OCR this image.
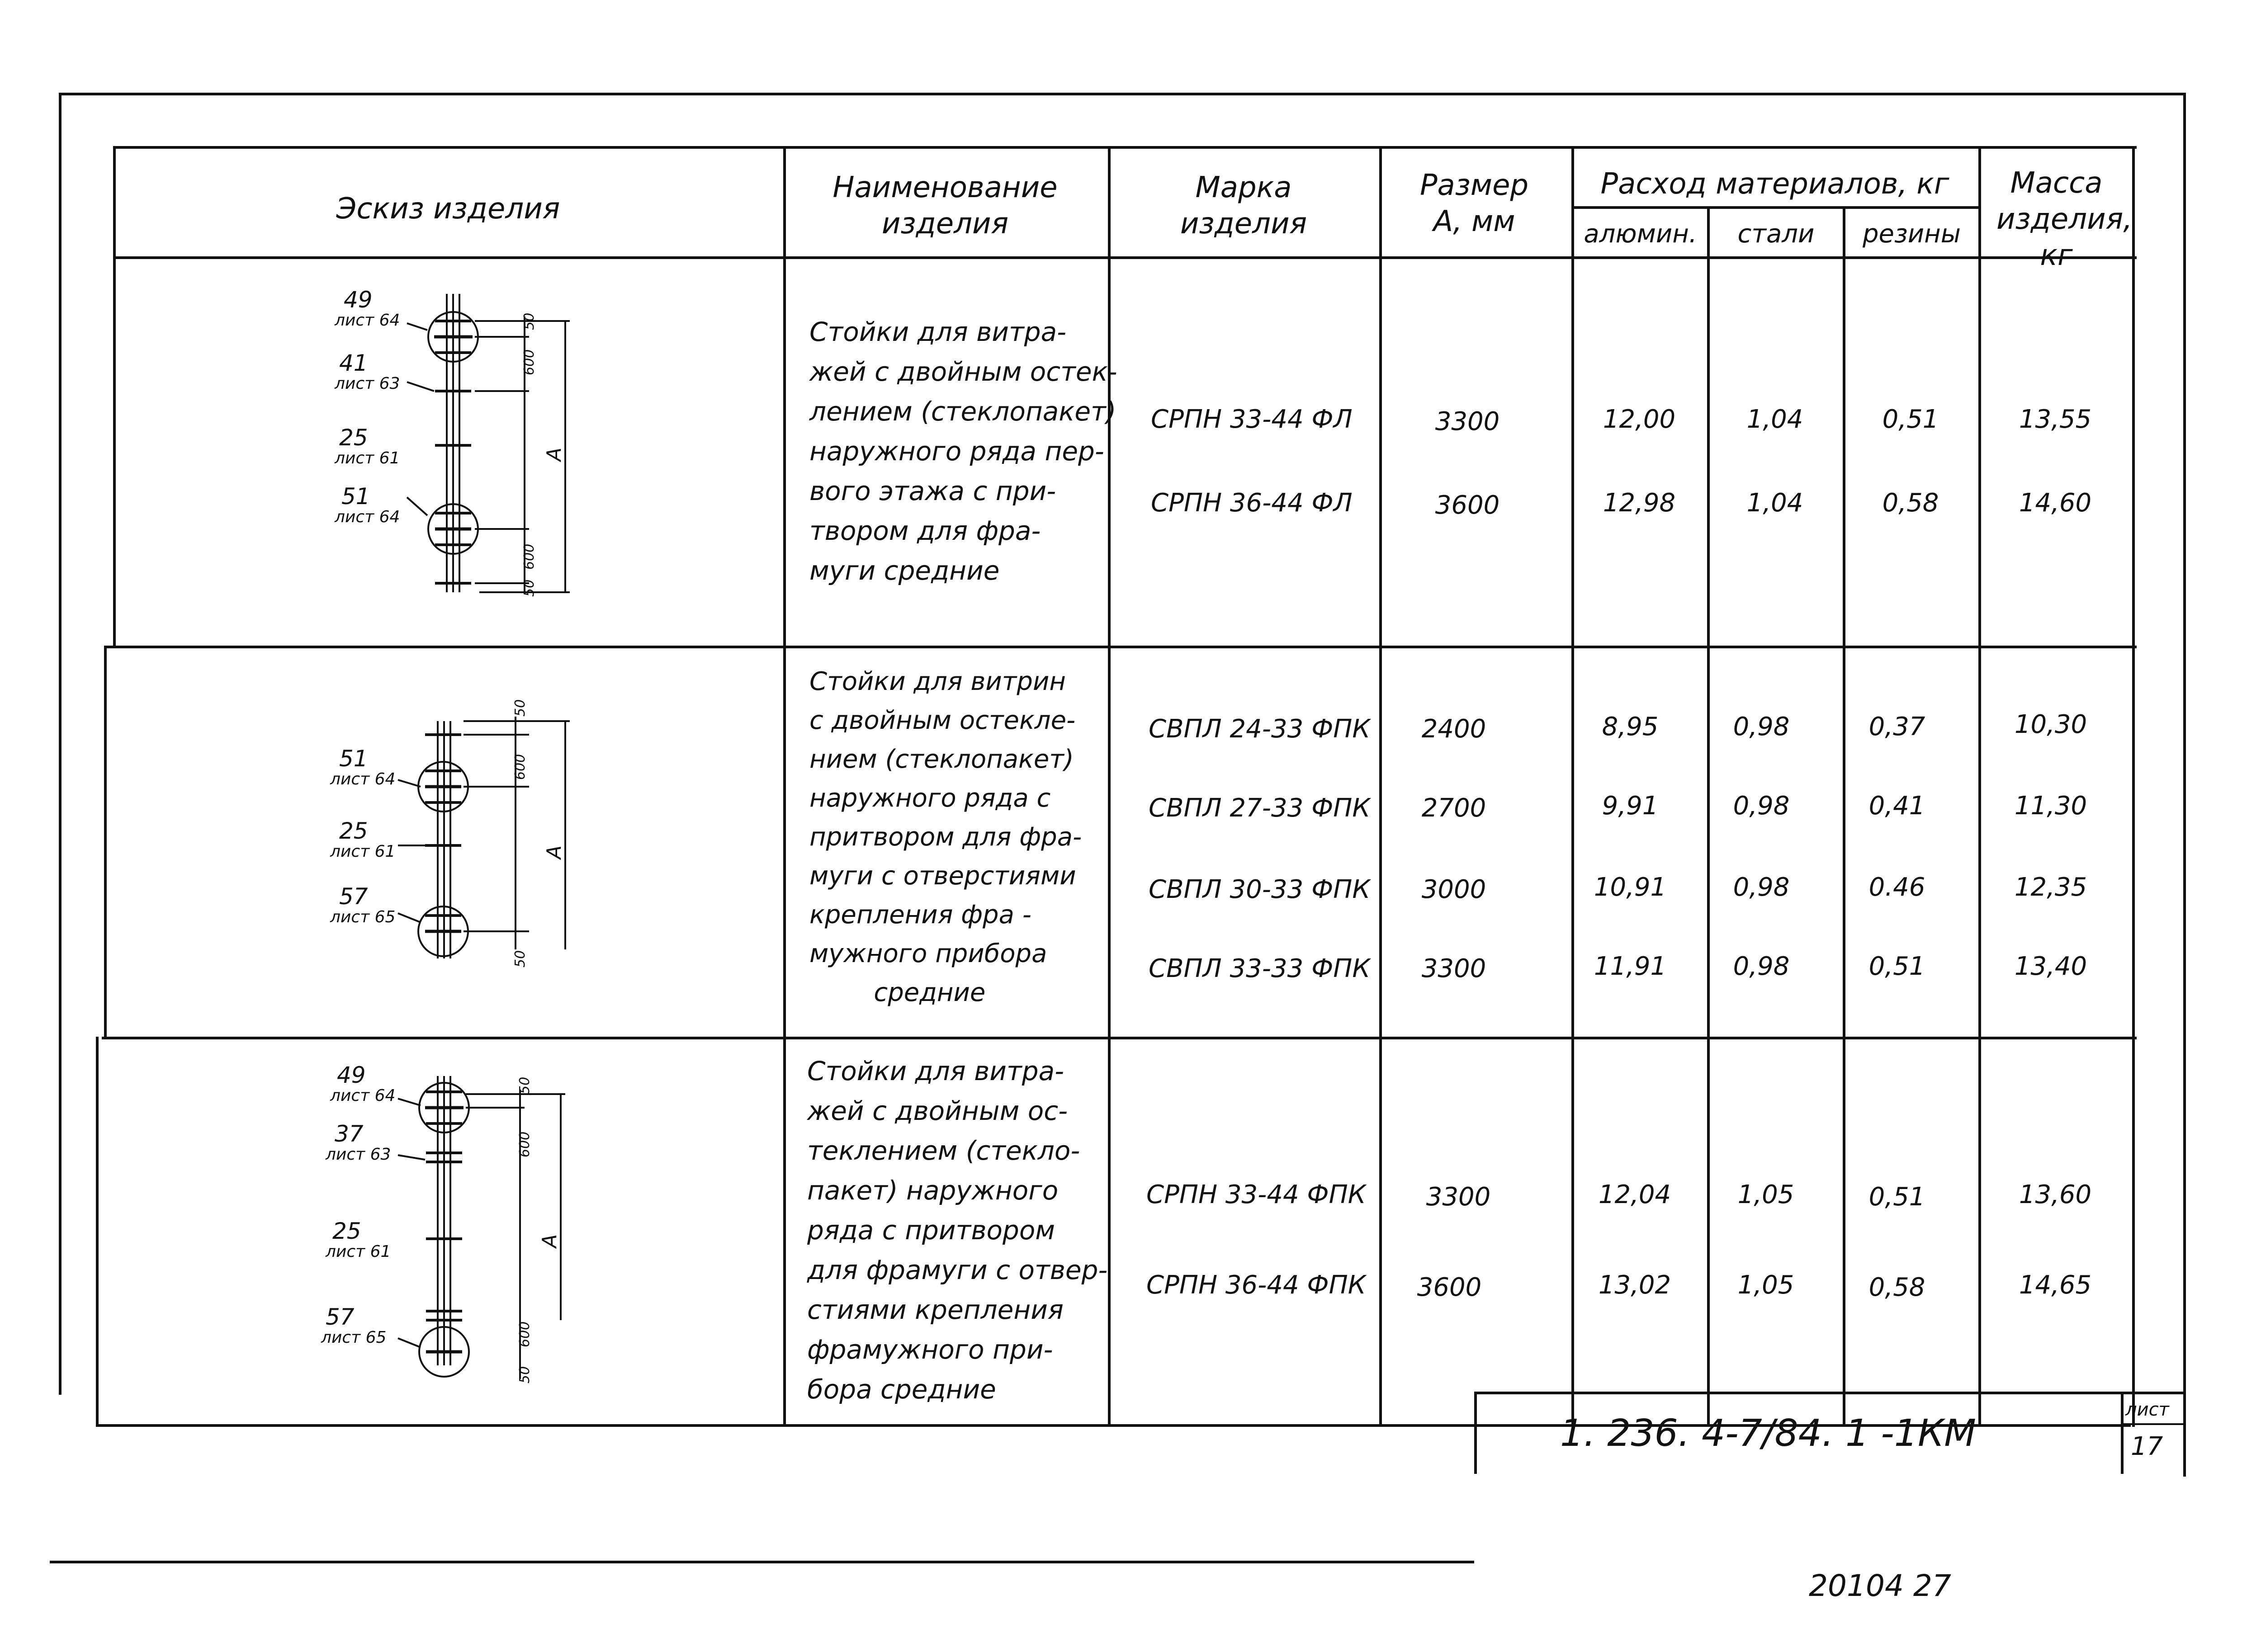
Эскиз изделия
Наименование изделия
Марка изделия
Размер А, мм
Расход материалов, кг
алюмин.	стали	резины
Масса изделия, кг
Стойки для витра-
жей с двойным остек-
лением (стеклопакет)
наружного ряда пер-
вого этажа с при-
твором для фра-
муги средние
СРПН 33-44 ФЛ
СРПН 36-44 ФЛ
3300
3600
12,00
12,98
1,04
1,04
0,51
0,58
13,55
14,60
Стойки для витрин
с двойным остекле-
нием (стеклопакет)
наружного ряда с
притвором для фра-
муги с отверстиями
крепления фра -
мужного прибора
средние
СВПЛ 24-33 ФПК
СВПЛ 27-33 ФПК
СВПЛ 30-33 ФПК
СВПЛ 33-33 ФПК
2400
2700
3000
3300
8,95
9,91
10,91
11,91
0,98
0,98
0,98
0,98
0,37
0,41
0.46
0,51
10,30
11,30
12,35
13,40
Стойки для витра-
жей с двойным ос-
теклением (стекло-
пакет) наружного
ряда с притвором
для фрамуги с отвер-
стиями крепления
фрамужного при-
бора средние
СРПН 33-44 ФПК
СРПН 36-44 ФПК
3300
3600
12,04
13,02
1,05
1,05
0,51
0,58
13,60
14,65
49
лист 64
41
лист 63
25
лист 61
51
лист 64
50
600
А
600
50
51
лист 64
25
лист 61
57
лист 65
50
600
А
50
49
лист 64
37
лист 63
25
лист 61
57
лист 65
50
600
А
600
50
1. 236. 4-7/84. 1 -1КМ
лист
17
20104 27
